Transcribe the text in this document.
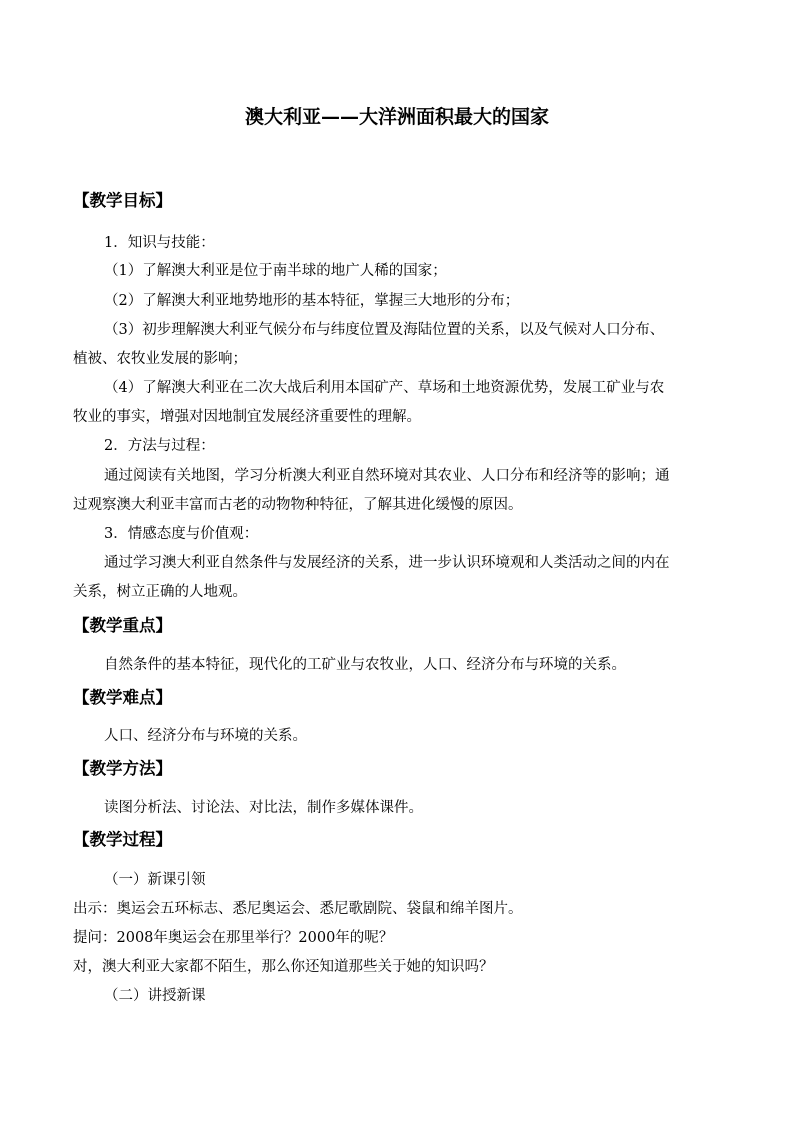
澳大利亚——大洋洲面积最大的国家
【教学目标】
1．知识与技能：
（1）了解澳大利亚是位于南半球的地广人稀的国家；
（2）了解澳大利亚地势地形的基本特征，掌握三大地形的分布；
（3）初步理解澳大利亚气候分布与纬度位置及海陆位置的关系，以及气候对人口分布、
植被、农牧业发展的影响；
（4）了解澳大利亚在二次大战后利用本国矿产、草场和土地资源优势，发展工矿业与农
牧业的事实，增强对因地制宜发展经济重要性的理解。
2．方法与过程：
通过阅读有关地图，学习分析澳大利亚自然环境对其农业、人口分布和经济等的影响；通
过观察澳大利亚丰富而古老的动物物种特征，了解其进化缓慢的原因。
3．情感态度与价值观：
通过学习澳大利亚自然条件与发展经济的关系，进一步认识环境观和人类活动之间的内在
关系，树立正确的人地观。
【教学重点】
自然条件的基本特征，现代化的工矿业与农牧业，人口、经济分布与环境的关系。
【教学难点】
人口、经济分布与环境的关系。
【教学方法】
读图分析法、讨论法、对比法，制作多媒体课件。
【教学过程】
（一）新课引领
出示：奥运会五环标志、悉尼奥运会、悉尼歌剧院、袋鼠和绵羊图片。
提问：2008年奥运会在那里举行？2000年的呢？
对，澳大利亚大家都不陌生，那么你还知道那些关于她的知识吗？
（二）讲授新课
